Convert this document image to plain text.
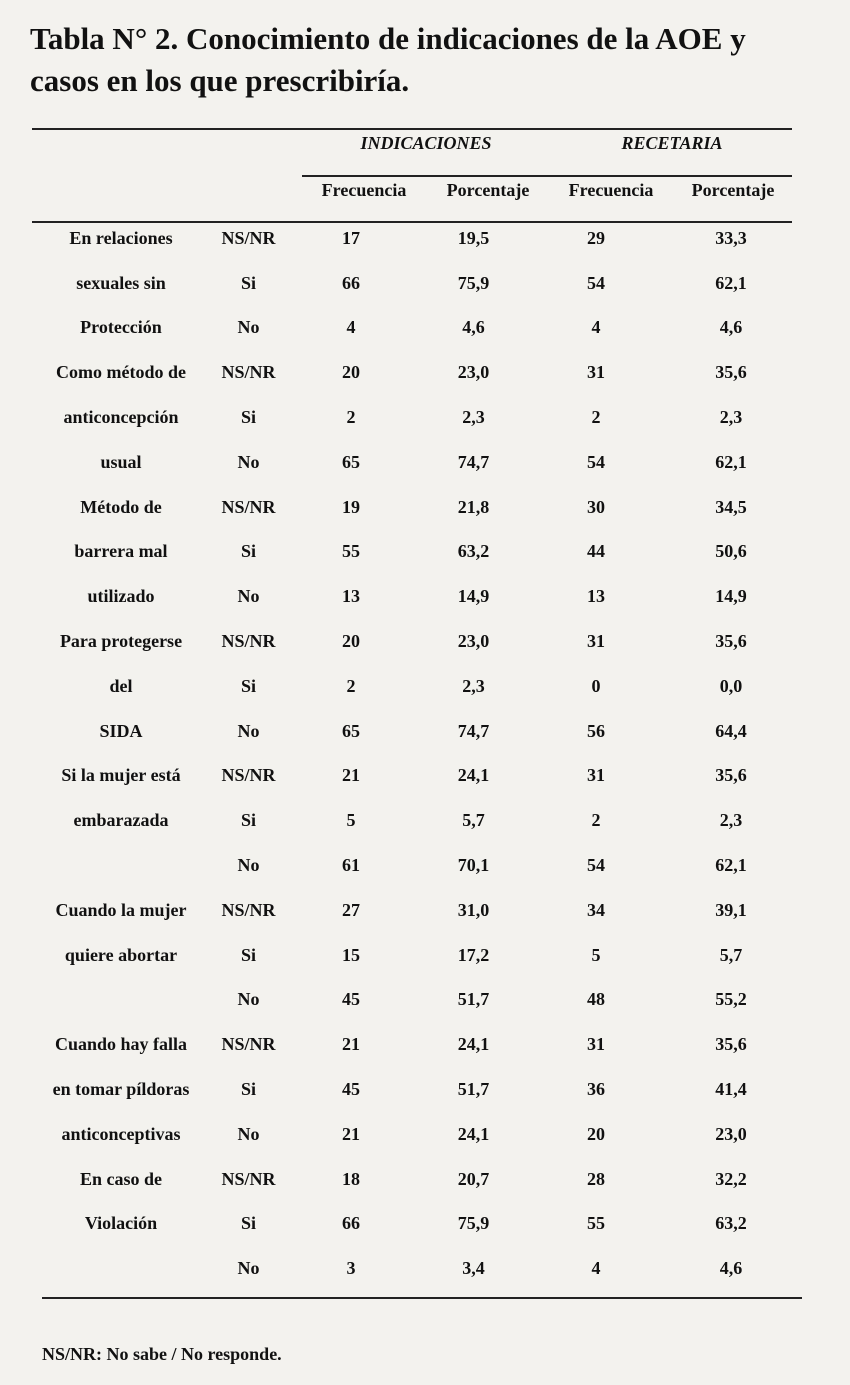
Tabla N° 2. Conocimiento de indicaciones de la AOE y casos en los que prescribiría.
INDICACIONES	RECETARIA
Frecuencia Porcentaje Frecuencia Porcentaje
En relaciones	NS/NR	17	19,5	29	33,3
sexuales sin	Si	66	75,9	54	62,1
Protección	No	4	4,6	4	4,6
Como método de	NS/NR	20	23,0	31	35,6
anticoncepción	Si	2	2,3	2	2,3
usual	No	65	74,7	54	62,1
Método de	NS/NR	19	21,8	30	34,5
barrera mal	Si	55	63,2	44	50,6
utilizado	No	13	14,9	13	14,9
Para protegerse	NS/NR	20	23,0	31	35,6
del	Si	2	2,3	0	0,0
SIDA	No	65	74,7	56	64,4
Si la mujer está	NS/NR	21	24,1	31	35,6
embarazada	Si	5	5,7	2	2,3
	No	61	70,1	54	62,1
Cuando la mujer	NS/NR	27	31,0	34	39,1
quiere abortar	Si	15	17,2	5	5,7
	No	45	51,7	48	55,2
Cuando hay falla	NS/NR	21	24,1	31	35,6
en tomar píldoras	Si	45	51,7	36	41,4
anticonceptivas	No	21	24,1	20	23,0
En caso de	NS/NR	18	20,7	28	32,2
Violación	Si	66	75,9	55	63,2
	No	3	3,4	4	4,6
NS/NR: No sabe / No responde.
